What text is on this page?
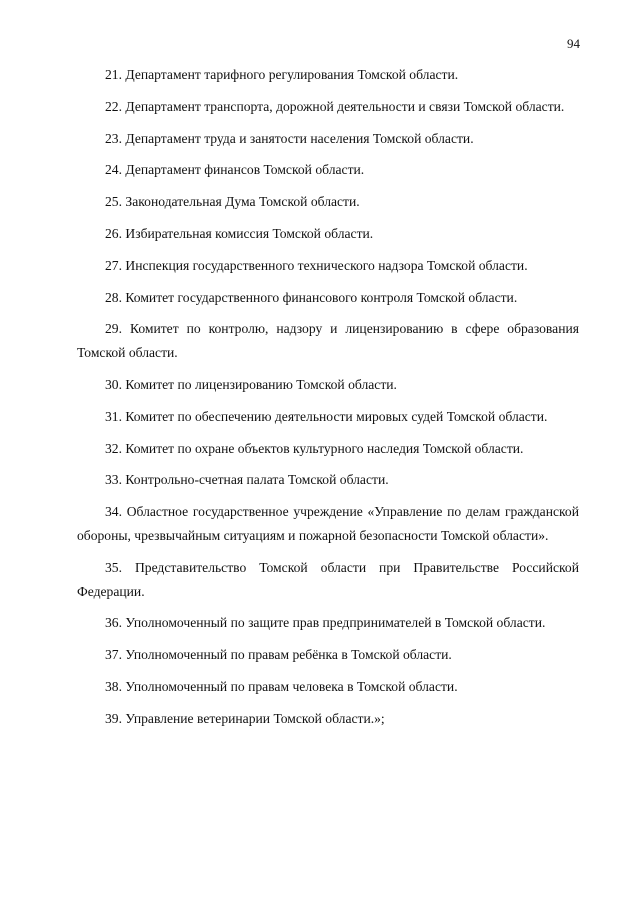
94

21. Департамент тарифного регулирования Томской области.

22. Департамент транспорта, дорожной деятельности и связи Томской области.

23. Департамент труда и занятости населения Томской области.

24. Департамент финансов Томской области.

25. Законодательная Дума Томской области.

26. Избирательная комиссия Томской области.

27. Инспекция государственного технического надзора Томской области.

28. Комитет государственного финансового контроля Томской области.

29. Комитет по контролю, надзору и лицензированию в сфере образования Томской области.

30. Комитет по лицензированию Томской области.

31. Комитет по обеспечению деятельности мировых судей Томской области.

32. Комитет по охране объектов культурного наследия Томской области.

33. Контрольно-счетная палата Томской области.

34. Областное государственное учреждение «Управление по делам гражданской обороны, чрезвычайным ситуациям и пожарной безопасности Томской области».

35. Представительство Томской области при Правительстве Российской Федерации.

36. Уполномоченный по защите прав предпринимателей в Томской области.

37. Уполномоченный по правам ребёнка в Томской области.

38. Уполномоченный по правам человека в Томской области.

39. Управление ветеринарии Томской области.»;
